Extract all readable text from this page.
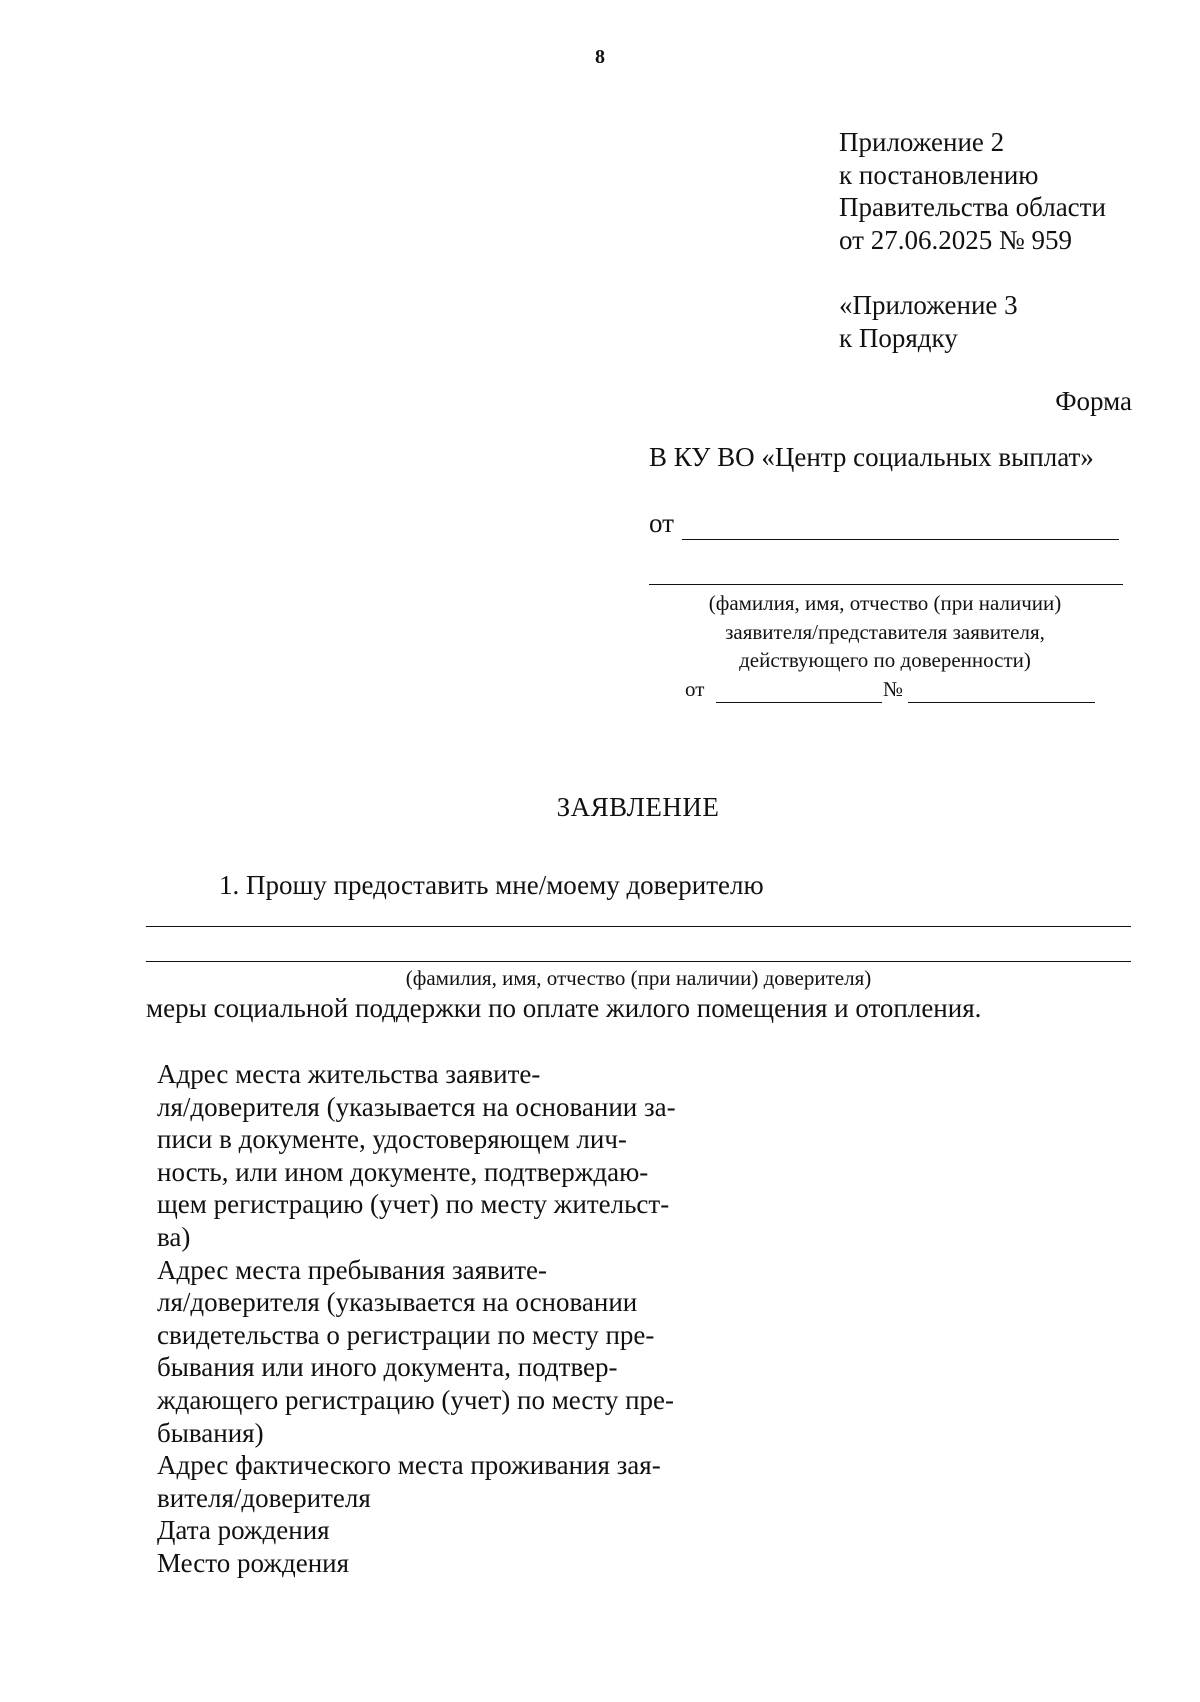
8
Приложение 2
к постановлению
Правительства области
от 27.06.2025 № 959
«Приложение 3
к Порядку
Форма
В КУ ВО «Центр социальных выплат»
от
(фамилия, имя, отчество (при наличии)
заявителя/представителя заявителя,
действующего по доверенности)
от	№
ЗАЯВЛЕНИЕ
1. Прошу предоставить мне/моему доверителю
(фамилия, имя, отчество (при наличии) доверителя)
меры социальной поддержки по оплате жилого помещения и отопления.
Адрес места жительства заявите-
ля/доверителя (указывается на основании за-
писи в документе, удостоверяющем лич-
ность, или ином документе, подтверждаю-
щем регистрацию (учет) по месту жительст-
ва)
Адрес места пребывания заявите-
ля/доверителя (указывается на основании
свидетельства о регистрации по месту пре-
бывания или иного документа, подтвер-
ждающего регистрацию (учет) по месту пре-
бывания)
Адрес фактического места проживания зая-
вителя/доверителя
Дата рождения
Место рождения
